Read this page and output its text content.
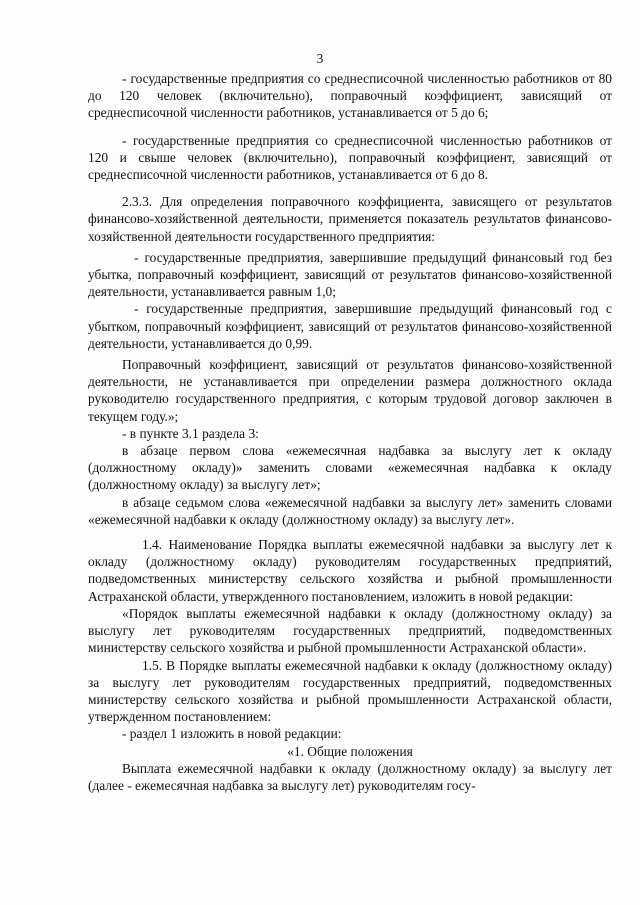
3

- государственные предприятия со среднесписочной численностью работников от 80 до 120 человек (включительно), поправочный коэффициент, зависящий от среднесписочной численности работников, устанавливается от 5 до 6;

- государственные предприятия со среднесписочной численностью работников от 120 и свыше человек (включительно), поправочный коэффициент, зависящий от среднесписочной численности работников, устанавливается от 6 до 8.

2.3.3. Для определения поправочного коэффициента, зависящего от результатов финансово-хозяйственной деятельности, применяется показатель результатов финансово-хозяйственной деятельности государственного предприятия:

- государственные предприятия, завершившие предыдущий финансовый год без убытка, поправочный коэффициент, зависящий от результатов финансово-хозяйственной деятельности, устанавливается равным 1,0;

- государственные предприятия, завершившие предыдущий финансовый год с убытком, поправочный коэффициент, зависящий от результатов финансово-хозяйственной деятельности, устанавливается до 0,99.

Поправочный коэффициент, зависящий от результатов финансово-хозяйственной деятельности, не устанавливается при определении размера должностного оклада руководителю государственного предприятия, с которым трудовой договор заключен в текущем году.»;

- в пункте 3.1 раздела 3:

в абзаце первом слова «ежемесячная надбавка за выслугу лет к окладу (должностному окладу)» заменить словами «ежемесячная надбавка к окладу (должностному окладу) за выслугу лет»;

в абзаце седьмом слова «ежемесячной надбавки за выслугу лет» заменить словами «ежемесячной надбавки к окладу (должностному окладу) за выслугу лет».

1.4. Наименование Порядка выплаты ежемесячной надбавки за выслугу лет к окладу (должностному окладу) руководителям государственных предприятий, подведомственных министерству сельского хозяйства и рыбной промышленности Астраханской области, утвержденного постановлением, изложить в новой редакции:

«Порядок выплаты ежемесячной надбавки к окладу (должностному окладу) за выслугу лет руководителям государственных предприятий, подведомственных министерству сельского хозяйства и рыбной промышленности Астраханской области».

1.5. В Порядке выплаты ежемесячной надбавки к окладу (должностному окладу) за выслугу лет руководителям государственных предприятий, подведомственных министерству сельского хозяйства и рыбной промышленности Астраханской области, утвержденном постановлением:

- раздел 1 изложить в новой редакции:

«1. Общие положения

Выплата ежемесячной надбавки к окладу (должностному окладу) за выслугу лет (далее - ежемесячная надбавка за выслугу лет) руководителям госу-
